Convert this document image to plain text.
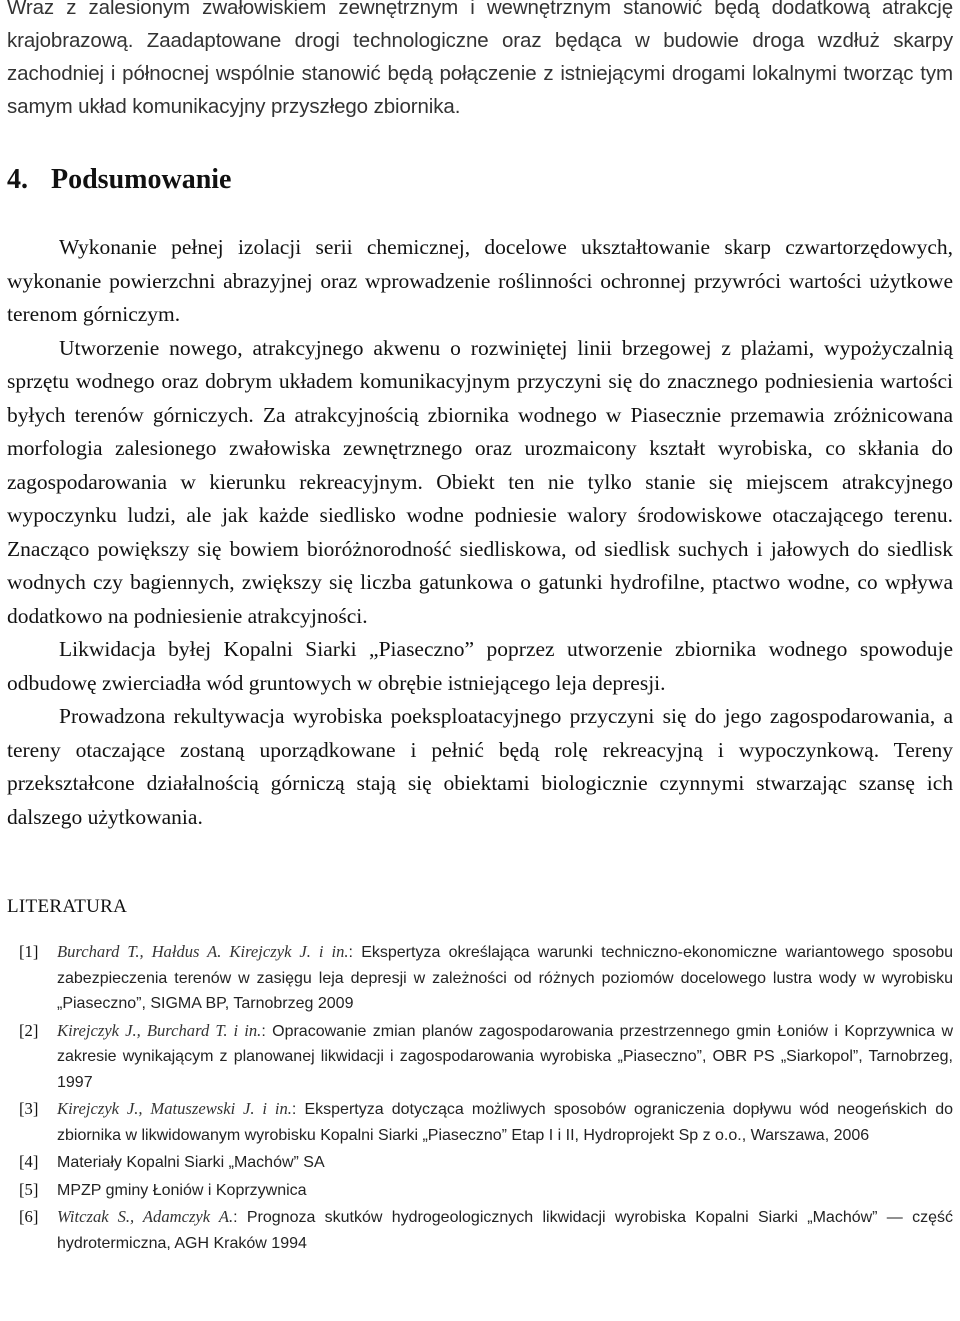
Wraz z zalesionym zwałowiskiem zewnętrznym i wewnętrznym stanowić będą dodatkową atrakcję krajobrazową. Zaadaptowane drogi technologiczne oraz będąca w budowie droga wzdłuż skarpy zachodniej i północnej wspólnie stanowić będą połączenie z istniejącymi drogami lokalnymi tworząc tym samym układ komunikacyjny przyszłego zbiornika.

4. Podsumowanie

Wykonanie pełnej izolacji serii chemicznej, docelowe ukształtowanie skarp czwartorzędowych, wykonanie powierzchni abrazyjnej oraz wprowadzenie roślinności ochronnej przywróci wartości użytkowe terenom górniczym.

Utworzenie nowego, atrakcyjnego akwenu o rozwiniętej linii brzegowej z plażami, wypożyczalnią sprzętu wodnego oraz dobrym układem komunikacyjnym przyczyni się do znacznego podniesienia wartości byłych terenów górniczych. Za atrakcyjnością zbiornika wodnego w Piasecznie przemawia zróżnicowana morfologia zalesionego zwałowiska zewnętrznego oraz urozmaicony kształt wyrobiska, co skłania do zagospodarowania w kierunku rekreacyjnym. Obiekt ten nie tylko stanie się miejscem atrakcyjnego wypoczynku ludzi, ale jak każde siedlisko wodne podniesie walory środowiskowe otaczającego terenu. Znacząco powiększy się bowiem bioróżnorodność siedliskowa, od siedlisk suchych i jałowych do siedlisk wodnych czy bagiennych, zwiększy się liczba gatunkowa o gatunki hydrofilne, ptactwo wodne, co wpływa dodatkowo na podniesienie atrakcyjności.

Likwidacja byłej Kopalni Siarki „Piaseczno” poprzez utworzenie zbiornika wodnego spowoduje odbudowę zwierciadła wód gruntowych w obrębie istniejącego leja depresji.

Prowadzona rekultywacja wyrobiska poeksploatacyjnego przyczyni się do jego zagospodarowania, a tereny otaczające zostaną uporządkowane i pełnić będą rolę rekreacyjną i wypoczynkową. Tereny przekształcone działalnością górniczą stają się obiektami biologicznie czynnymi stwarzając szansę ich dalszego użytkowania.

LITERATURA
[1] Burchard T., Hałdus A. Kirejczyk J. i in.: Ekspertyza określająca warunki techniczno-ekonomiczne wariantowego sposobu zabezpieczenia terenów w zasięgu leja depresji w zależności od różnych poziomów docelowego lustra wody w wyrobisku „Piaseczno”, SIGMA BP, Tarnobrzeg 2009
[2] Kirejczyk J., Burchard T. i in.: Opracowanie zmian planów zagospodarowania przestrzennego gmin Łoniów i Koprzywnica w zakresie wynikającym z planowanej likwidacji i zagospodarowania wyrobiska „Piaseczno”, OBR PS „Siarkopol”, Tarnobrzeg, 1997
[3] Kirejczyk J., Matuszewski J. i in.: Ekspertyza dotycząca możliwych sposobów ograniczenia dopływu wód neogeńskich do zbiornika w likwidowanym wyrobisku Kopalni Siarki „Piaseczno” Etap I i II, Hydroprojekt Sp z o.o., Warszawa, 2006
[4] Materiały Kopalni Siarki „Machów” SA
[5] MPZP gminy Łoniów i Koprzywnica
[6] Witczak S., Adamczyk A.: Prognoza skutków hydrogeologicznych likwidacji wyrobiska Kopalni Siarki „Machów” — część hydrotermiczna, AGH Kraków 1994
